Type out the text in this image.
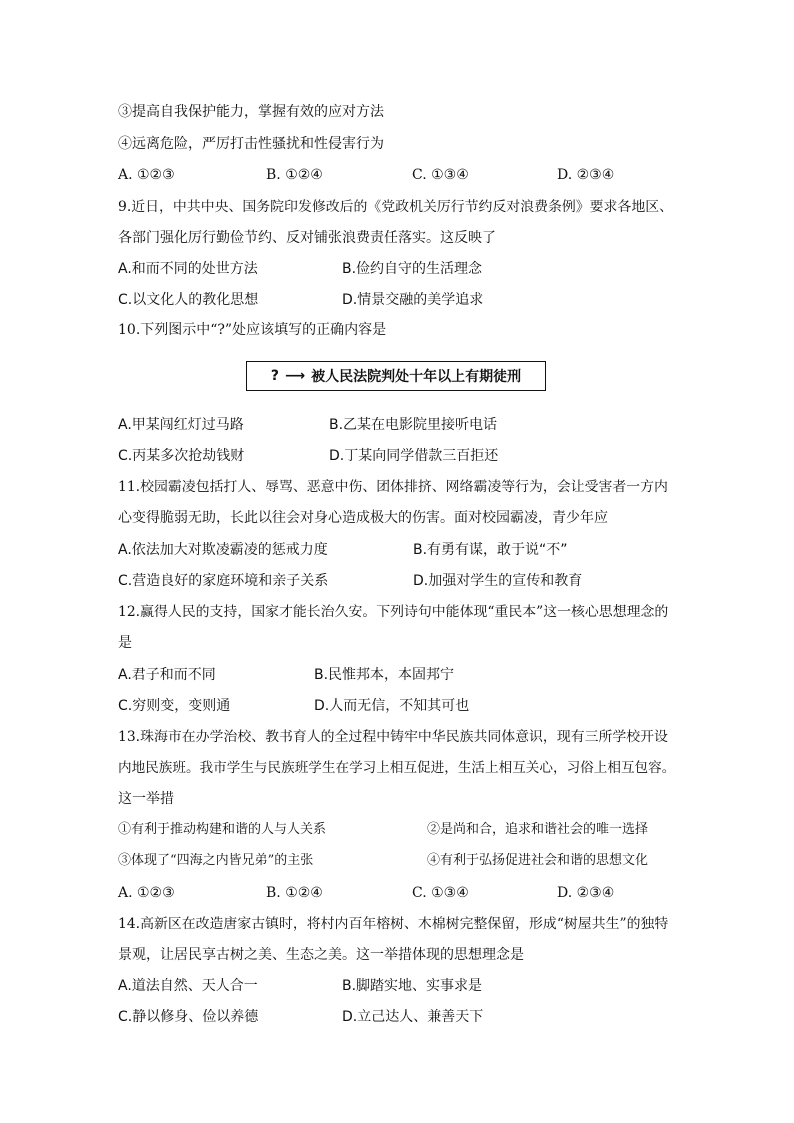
③提高自我保护能力，掌握有效的应对方法
④远离危险，严厉打击性骚扰和性侵害行为
A. ①②③	B. ①②④	C. ①③④	D. ②③④
9.近日，中共中央、国务院印发修改后的《党政机关厉行节约反对浪费条例》要求各地区、
各部门强化厉行勤俭节约、反对铺张浪费责任落实。这反映了
A.和而不同的处世方法	B.俭约自守的生活理念
C.以文化人的教化思想	D.情景交融的美学追求
10.下列图示中“?”处应该填写的正确内容是
? ⟶ 被人民法院判处十年以上有期徒刑
A.甲某闯红灯过马路	B.乙某在电影院里接听电话
C.丙某多次抢劫钱财	D.丁某向同学借款三百拒还
11.校园霸凌包括打人、辱骂、恶意中伤、团体排挤、网络霸凌等行为，会让受害者一方内
心变得脆弱无助，长此以往会对身心造成极大的伤害。面对校园霸凌，青少年应
A.依法加大对欺凌霸凌的惩戒力度	B.有勇有谋，敢于说“不”
C.营造良好的家庭环境和亲子关系	D.加强对学生的宣传和教育
12.赢得人民的支持，国家才能长治久安。下列诗句中能体现“重民本”这一核心思想理念的
是
A.君子和而不同	B.民惟邦本，本固邦宁
C.穷则变，变则通	D.人而无信，不知其可也
13.珠海市在办学治校、教书育人的全过程中铸牢中华民族共同体意识，现有三所学校开设
内地民族班。我市学生与民族班学生在学习上相互促进，生活上相互关心，习俗上相互包容。
这一举措
①有利于推动构建和谐的人与人关系	②是尚和合，追求和谐社会的唯一选择
③体现了“四海之内皆兄弟”的主张	④有利于弘扬促进社会和谐的思想文化
A. ①②③	B. ①②④	C. ①③④	D. ②③④
14.高新区在改造唐家古镇时，将村内百年榕树、木棉树完整保留，形成“树屋共生”的独特
景观，让居民享古树之美、生态之美。这一举措体现的思想理念是
A.道法自然、天人合一	B.脚踏实地、实事求是
C.静以修身、俭以养德	D.立己达人、兼善天下
